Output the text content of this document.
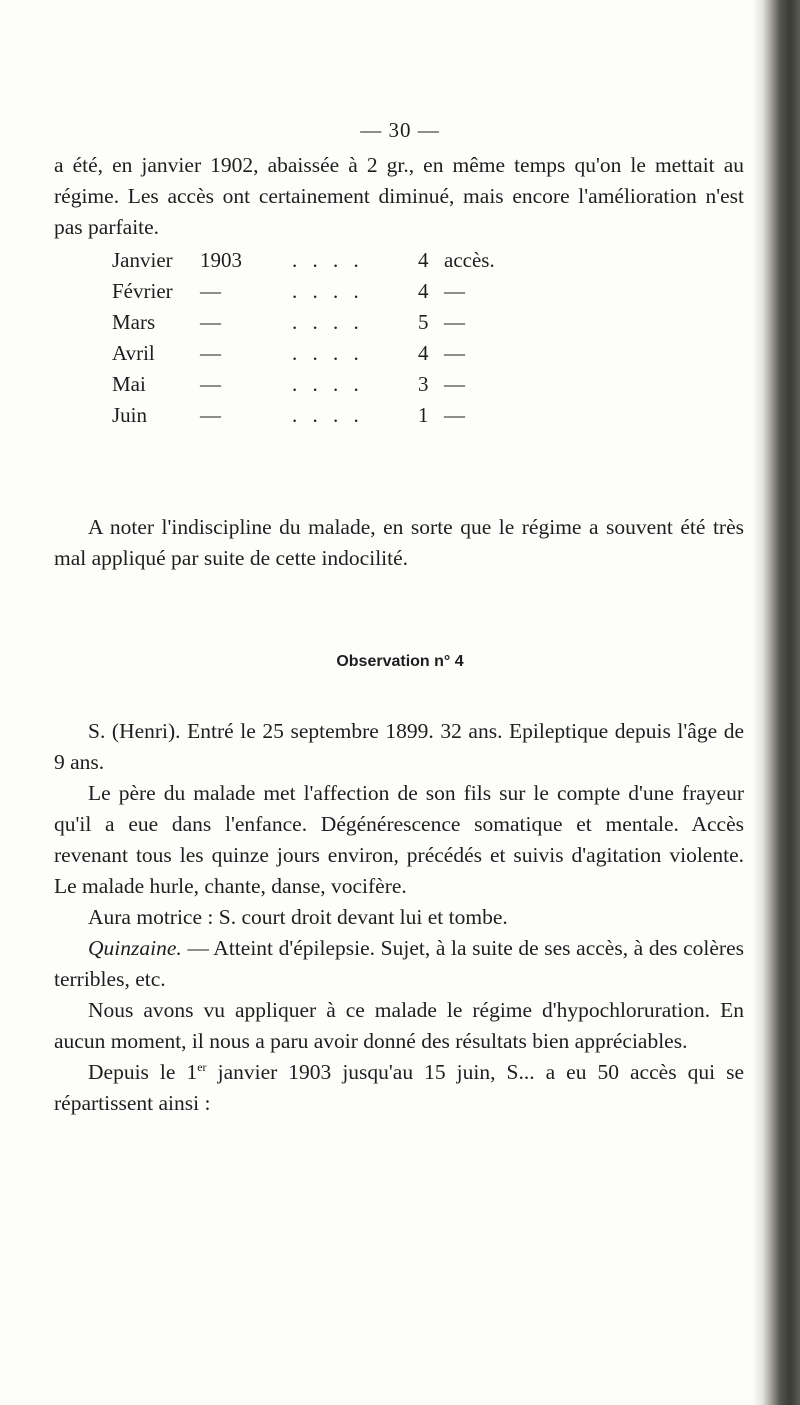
— 30 —
a été, en janvier 1902, abaissée à 2 gr., en même temps qu'on le mettait au régime. Les accès ont certainement diminué, mais encore l'amélioration n'est pas parfaite.
Janvier	1903	. . . .	4	accès.
Février	—	. . . .	4	—
Mars	—	. . . .	5	—
Avril	—	. . . .	4	—
Mai	—	. . . .	3	—
Juin	—	. . . .	1	—
A noter l'indiscipline du malade, en sorte que le régime a souvent été très mal appliqué par suite de cette indocilité.
Observation n° 4

S. (Henri). Entré le 25 septembre 1899. 32 ans. Epileptique depuis l'âge de 9 ans.

Le père du malade met l'affection de son fils sur le compte d'une frayeur qu'il a eue dans l'enfance. Dégénérescence somatique et mentale. Accès revenant tous les quinze jours environ, précédés et suivis d'agitation violente. Le malade hurle, chante, danse, vocifère.

Aura motrice : S. court droit devant lui et tombe.

Quinzaine. — Atteint d'épilepsie. Sujet, à la suite de ses accès, à des colères terribles, etc.

Nous avons vu appliquer à ce malade le régime d'hypochloruration. En aucun moment, il nous a paru avoir donné des résultats bien appréciables.

Depuis le 1er janvier 1903 jusqu'au 15 juin, S... a eu 50 accès qui se répartissent ainsi :
